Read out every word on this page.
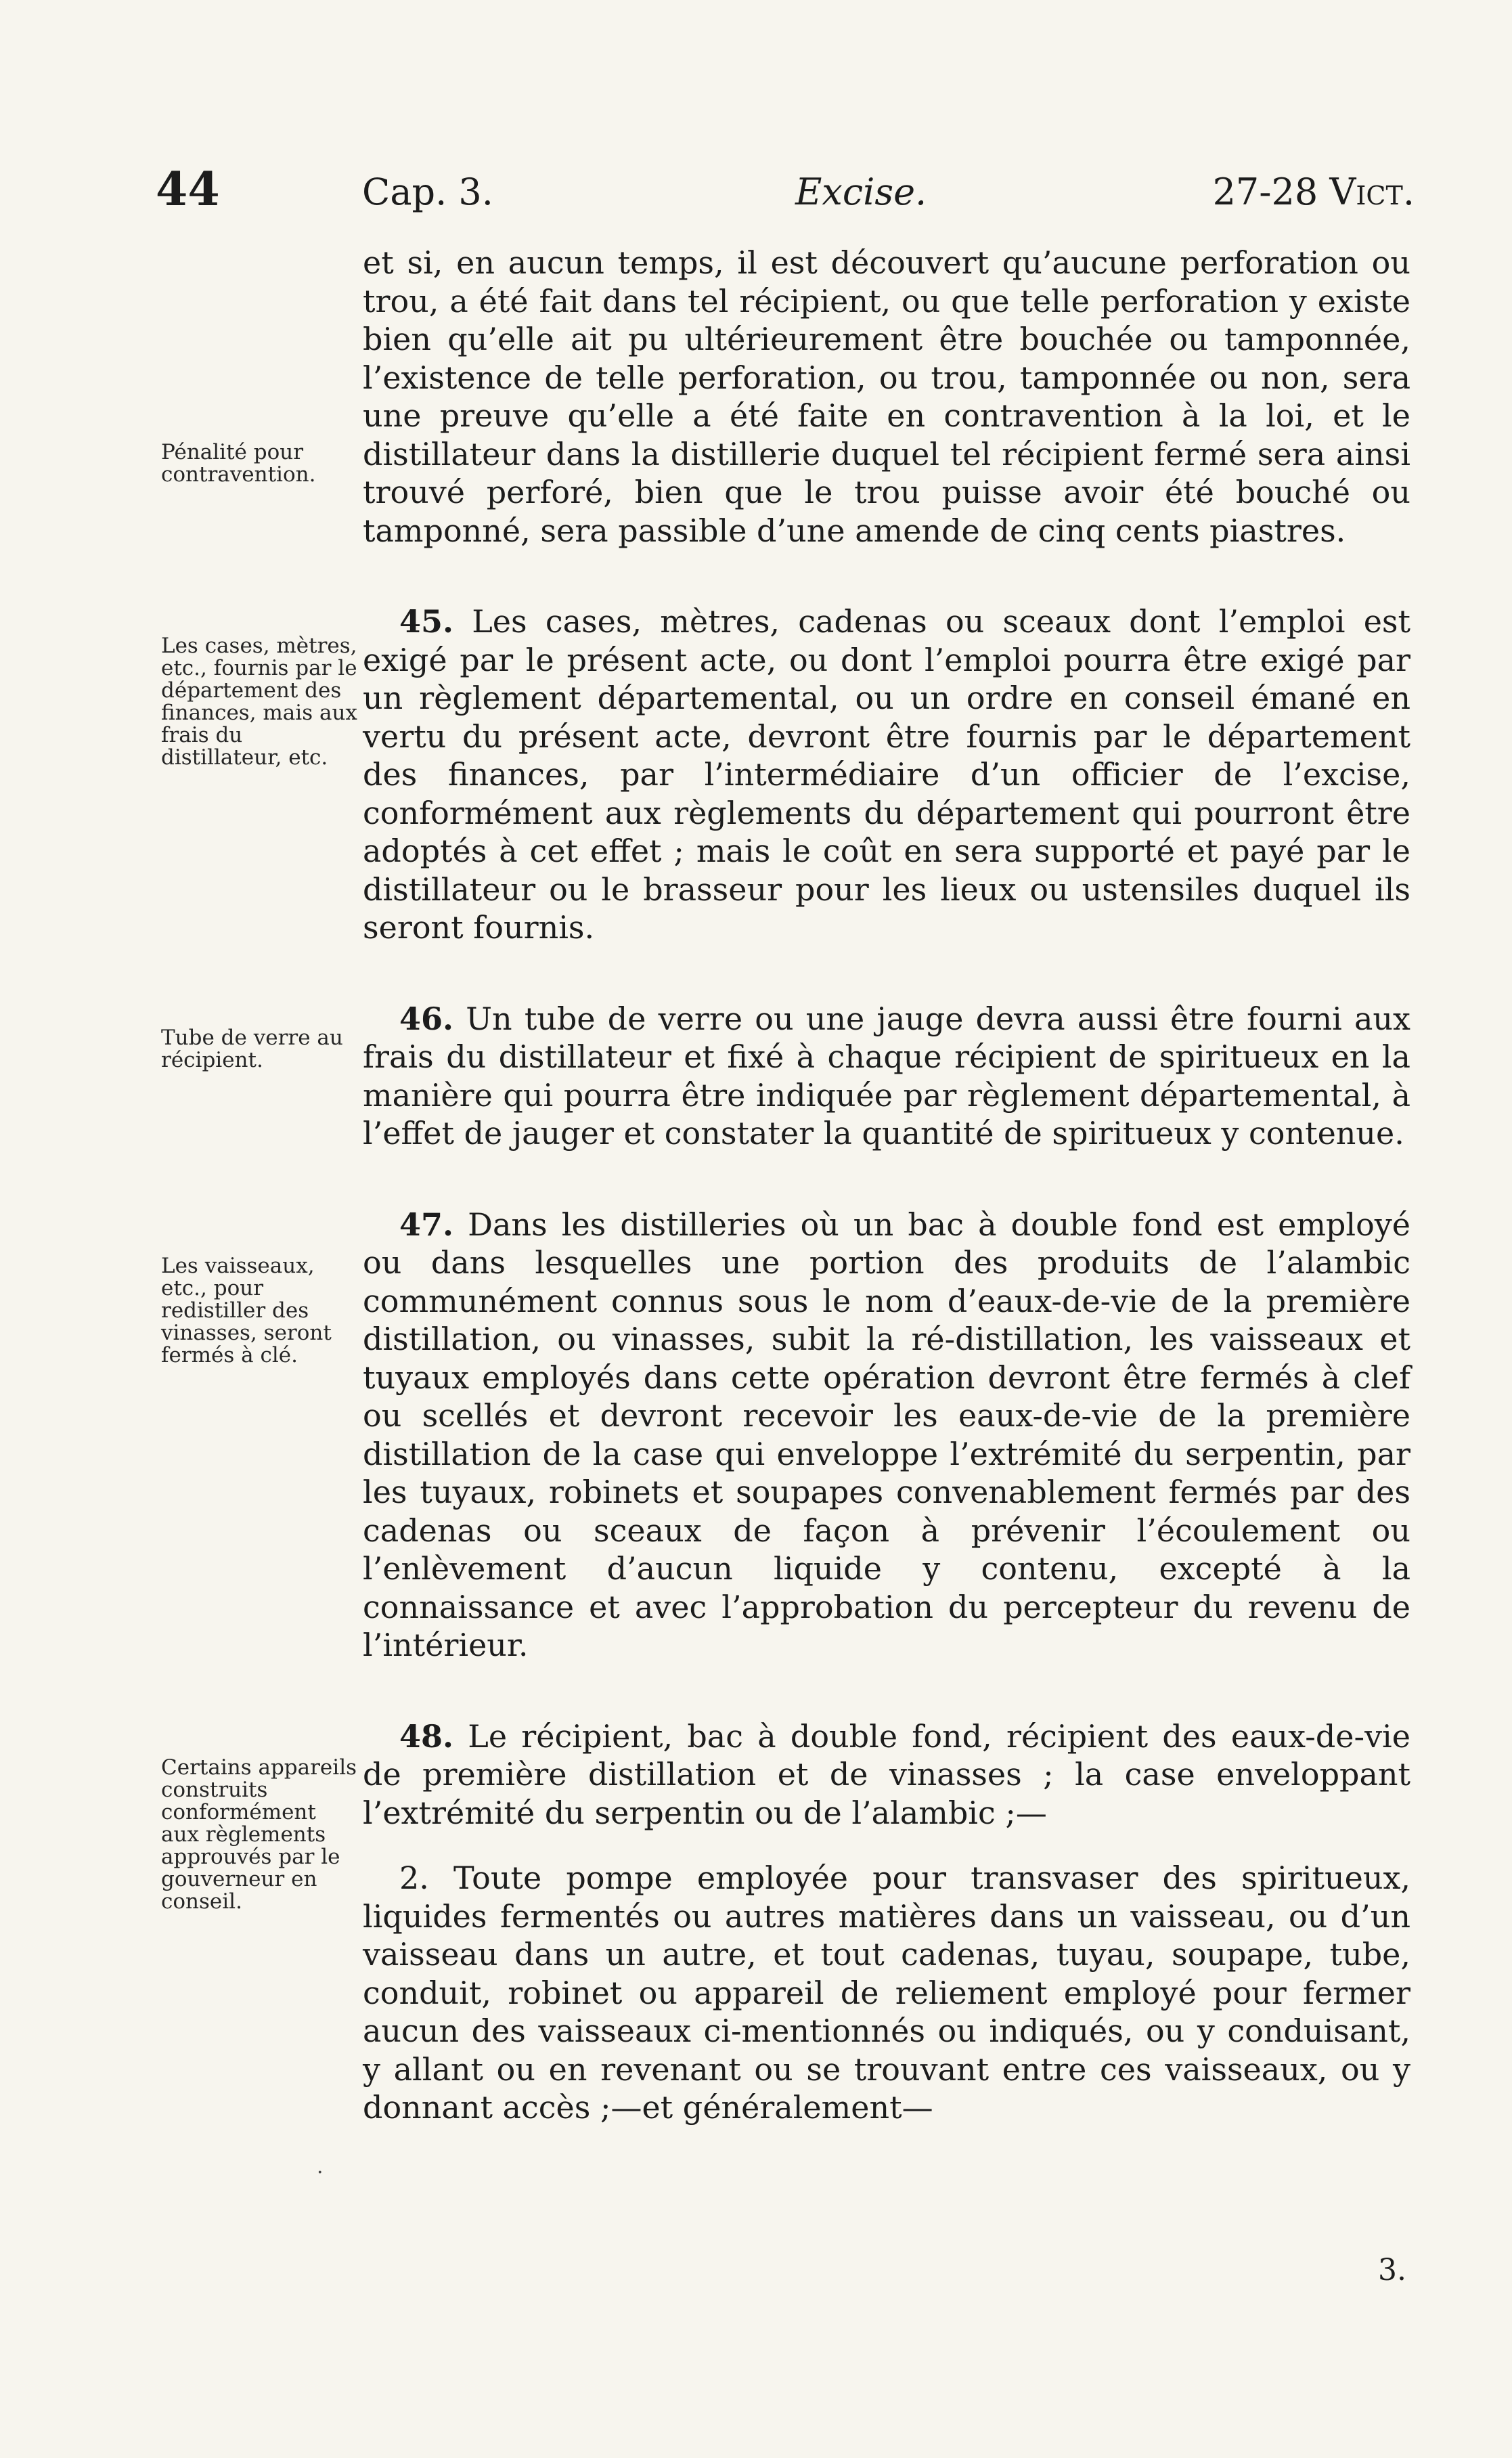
44	Cap. 3.	Excise.	27-28 Vict.
Pénalité pour contravention.
Les cases, mètres, etc., fournis par le département des finances, mais aux frais du distillateur, etc.
Tube de verre au récipient.
Les vaisseaux, etc., pour redistiller des vinasses, seront fermés à clé.
Certains appareils construits conformément aux règlements approuvés par le gouverneur en conseil.

et si, en aucun temps, il est découvert qu’aucune perforation ou trou, a été fait dans tel récipient, ou que telle perforation y existe bien qu’elle ait pu ultérieurement être bouchée ou tamponnée, l’existence de telle perforation, ou trou, tamponnée ou non, sera une preuve qu’elle a été faite en contravention à la loi, et le distillateur dans la distillerie duquel tel récipient fermé sera ainsi trouvé perforé, bien que le trou puisse avoir été bouché ou tamponné, sera passible d’une amende de cinq cents piastres.

45. Les cases, mètres, cadenas ou sceaux dont l’emploi est exigé par le présent acte, ou dont l’emploi pourra être exigé par un règlement départemental, ou un ordre en conseil émané en vertu du présent acte, devront être fournis par le département des finances, par l’intermédiaire d’un officier de l’excise, conformément aux règlements du département qui pourront être adoptés à cet effet ; mais le coût en sera supporté et payé par le distillateur ou le brasseur pour les lieux ou ustensiles duquel ils seront fournis.

46. Un tube de verre ou une jauge devra aussi être fourni aux frais du distillateur et fixé à chaque récipient de spiritueux en la manière qui pourra être indiquée par règlement départemental, à l’effet de jauger et constater la quantité de spiritueux y contenue.

47. Dans les distilleries où un bac à double fond est employé ou dans lesquelles une portion des produits de l’alambic communément connus sous le nom d’eaux-de-vie de la première distillation, ou vinasses, subit la ré-distillation, les vaisseaux et tuyaux employés dans cette opération devront être fermés à clef ou scellés et devront recevoir les eaux-de-vie de la première distillation de la case qui enveloppe l’extrémité du serpentin, par les tuyaux, robinets et soupapes convenablement fermés par des cadenas ou sceaux de façon à prévenir l’écoulement ou l’enlèvement d’aucun liquide y contenu, excepté à la connaissance et avec l’approbation du percepteur du revenu de l’intérieur.

48. Le récipient, bac à double fond, récipient des eaux-de-vie de première distillation et de vinasses ; la case enveloppant l’extrémité du serpentin ou de l’alambic ;—

2. Toute pompe employée pour transvaser des spiritueux, liquides fermentés ou autres matières dans un vaisseau, ou d’un vaisseau dans un autre, et tout cadenas, tuyau, soupape, tube, conduit, robinet ou appareil de reliement employé pour fermer aucun des vaisseaux ci-mentionnés ou indiqués, ou y conduisant, y allant ou en revenant ou se trouvant entre ces vaisseaux, ou y donnant accès ;—et généralement—

3.
·
